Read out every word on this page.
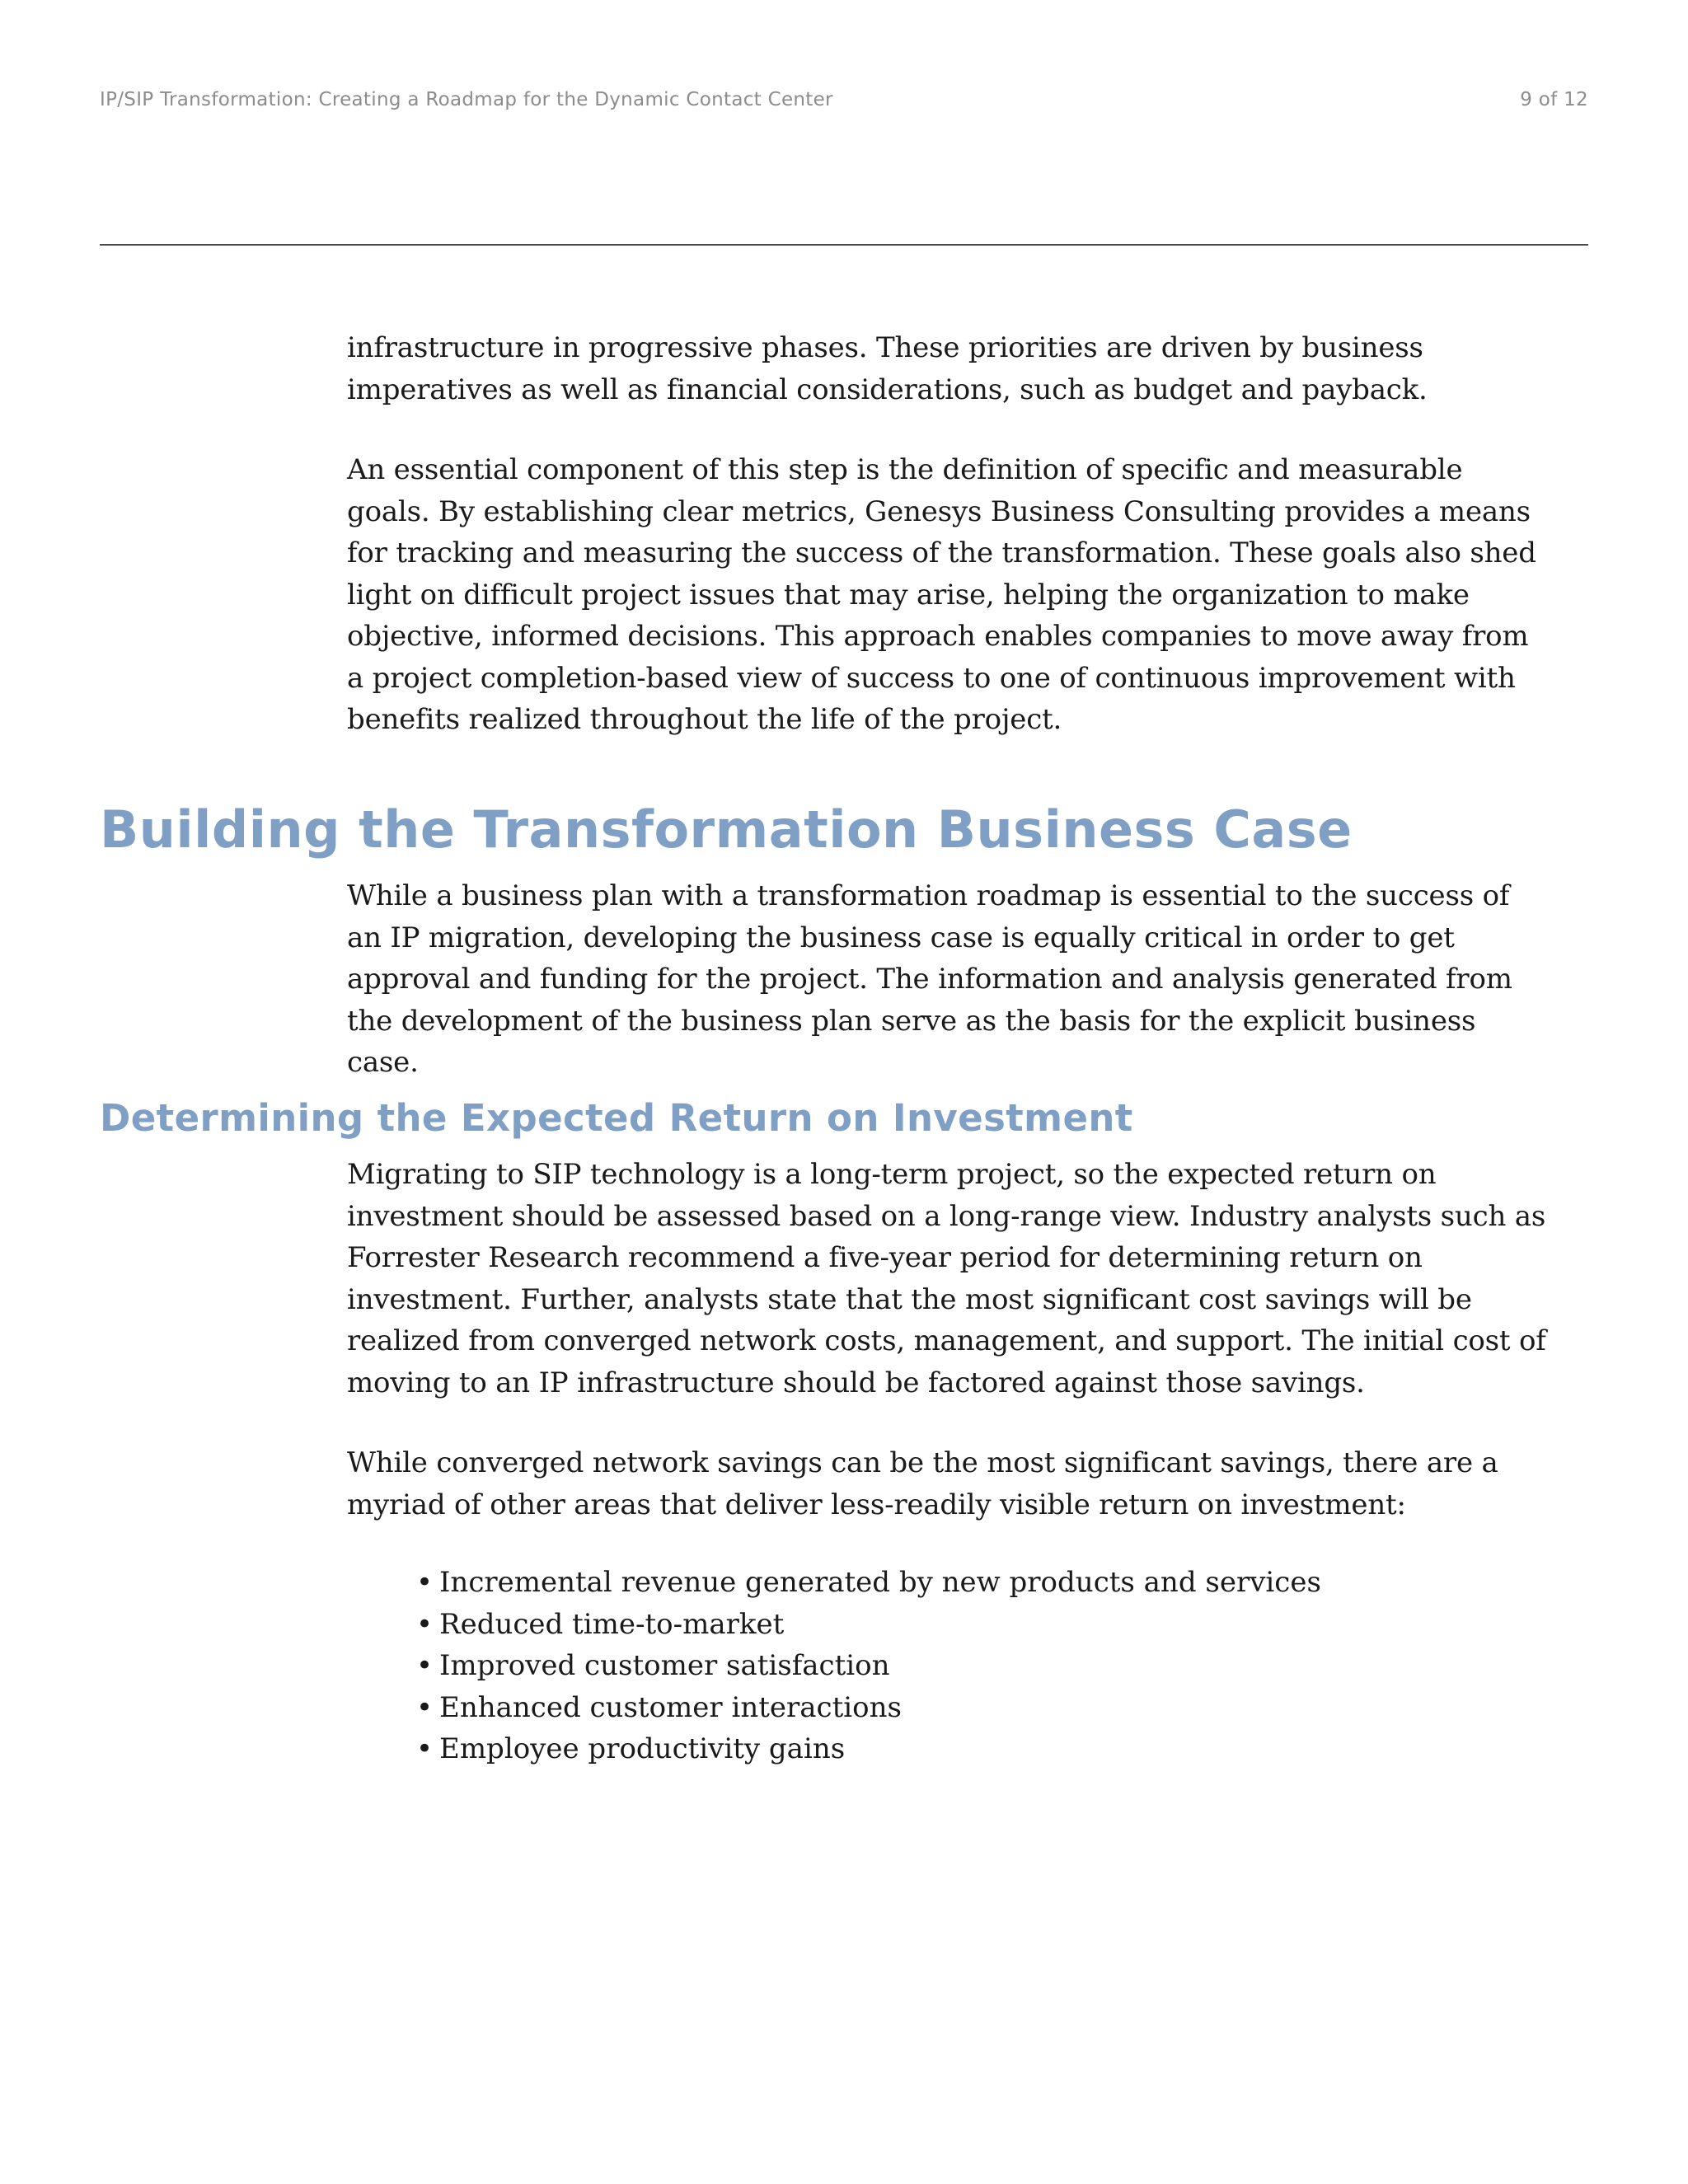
IP/SIP Transformation: Creating a Roadmap for the Dynamic Contact Center	9 of 12

infrastructure in progressive phases. These priorities are driven by business imperatives as well as financial considerations, such as budget and payback.

An essential component of this step is the definition of specific and measurable goals. By establishing clear metrics, Genesys Business Consulting provides a means for tracking and measuring the success of the transformation. These goals also shed light on difficult project issues that may arise, helping the organization to make objective, informed decisions. This approach enables companies to move away from a project completion-based view of success to one of continuous improvement with benefits realized throughout the life of the project.

Building the Transformation Business Case

While a business plan with a transformation roadmap is essential to the success of an IP migration, developing the business case is equally critical in order to get approval and funding for the project. The information and analysis generated from the development of the business plan serve as the basis for the explicit business case.

Determining the Expected Return on Investment

Migrating to SIP technology is a long-term project, so the expected return on investment should be assessed based on a long-range view. Industry analysts such as Forrester Research recommend a five-year period for determining return on investment. Further, analysts state that the most significant cost savings will be realized from converged network costs, management, and support. The initial cost of moving to an IP infrastructure should be factored against those savings.

While converged network savings can be the most significant savings, there are a myriad of other areas that deliver less-readily visible return on investment:

• Incremental revenue generated by new products and services
• Reduced time-to-market
• Improved customer satisfaction
• Enhanced customer interactions
• Employee productivity gains
